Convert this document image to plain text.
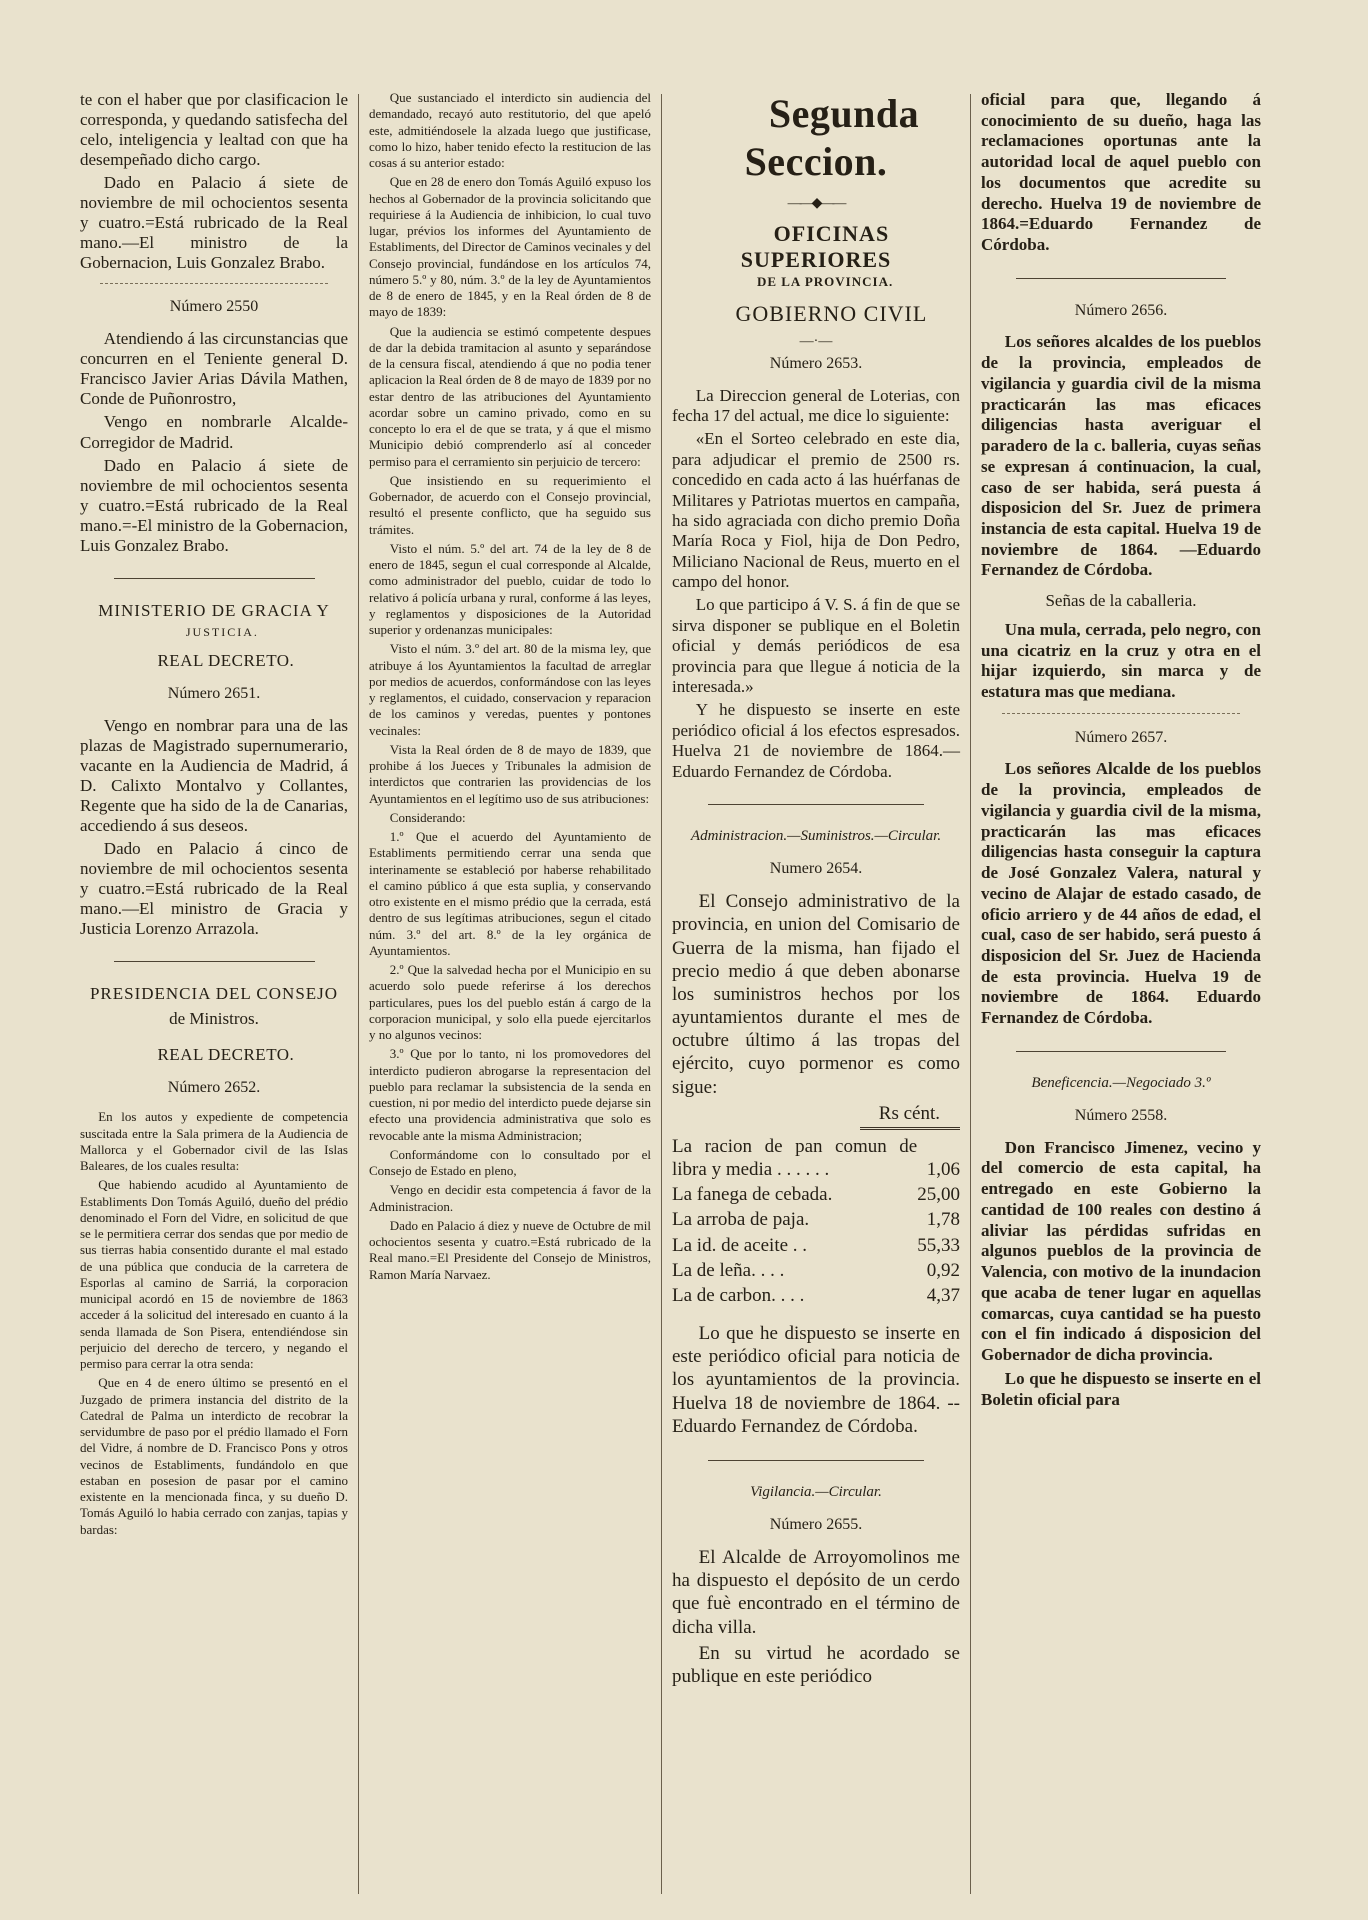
te con el haber que por clasificacion le corresponda, y quedando satisfecha del celo, inteligencia y lealtad con que ha desempeñado dicho cargo.

Dado en Palacio á siete de noviembre de mil ochocientos sesenta y cuatro.=Está rubricado de la Real mano.—El ministro de la Gobernacion, Luis Gonzalez Brabo.

Número 2550

Atendiendo á las circunstancias que concurren en el Teniente general D. Francisco Javier Arias Dávila Mathen, Conde de Puñonrostro,

Vengo en nombrarle Alcalde-Corregidor de Madrid.

Dado en Palacio á siete de noviembre de mil ochocientos sesenta y cuatro.=Está rubricado de la Real mano.=-El ministro de la Gobernacion, Luis Gonzalez Brabo.

MINISTERIO DE GRACIA Y

JUSTICIA.

REAL DECRETO.

Número 2651.

Vengo en nombrar para una de las plazas de Magistrado supernumerario, vacante en la Audiencia de Madrid, á D. Calixto Montalvo y Collantes, Regente que ha sido de la de Canarias, accediendo á sus deseos.

Dado en Palacio á cinco de noviembre de mil ochocientos sesenta y cuatro.=Está rubricado de la Real mano.—El ministro de Gracia y Justicia Lorenzo Arrazola.

PRESIDENCIA DEL CONSEJO

de Ministros.

REAL DECRETO.

Número 2652.

En los autos y expediente de competencia suscitada entre la Sala primera de la Audiencia de Mallorca y el Gobernador civil de las Islas Baleares, de los cuales resulta:

Que habiendo acudido al Ayuntamiento de Establiments Don Tomás Aguiló, dueño del prédio denominado el Forn del Vidre, en solicitud de que se le permitiera cerrar dos sendas que por medio de sus tierras habia consentido durante el mal estado de una pública que conducia de la carretera de Esporlas al camino de Sarriá, la corporacion municipal acordó en 15 de noviembre de 1863 acceder á la solicitud del interesado en cuanto á la senda llamada de Son Pisera, entendiéndose sin perjuicio del derecho de tercero, y negando el permiso para cerrar la otra senda:

Que en 4 de enero último se presentó en el Juzgado de primera instancia del distrito de la Catedral de Palma un interdicto de recobrar la servidumbre de paso por el prédio llamado el Forn del Vidre, á nombre de D. Francisco Pons y otros vecinos de Establiments, fundándolo en que estaban en posesion de pasar por el camino existente en la mencionada finca, y su dueño D. Tomás Aguiló lo habia cerrado con zanjas, tapias y bardas:

Que sustanciado el interdicto sin audiencia del demandado, recayó auto restitutorio, del que apeló este, admitiéndosele la alzada luego que justificase, como lo hizo, haber tenido efecto la restitucion de las cosas á su anterior estado:

Que en 28 de enero don Tomás Aguiló expuso los hechos al Gobernador de la provincia solicitando que requiriese á la Audiencia de inhibicion, lo cual tuvo lugar, prévios los informes del Ayuntamiento de Establiments, del Director de Caminos vecinales y del Consejo provincial, fundándose en los artículos 74, número 5.º y 80, núm. 3.º de la ley de Ayuntamientos de 8 de enero de 1845, y en la Real órden de 8 de mayo de 1839:

Que la audiencia se estimó competente despues de dar la debida tramitacion al asunto y separándose de la censura fiscal, atendiendo á que no podia tener aplicacion la Real órden de 8 de mayo de 1839 por no estar dentro de las atribuciones del Ayuntamiento acordar sobre un camino privado, como en su concepto lo era el de que se trata, y á que el mismo Municipio debió comprenderlo así al conceder permiso para el cerramiento sin perjuicio de tercero:

Que insistiendo en su requerimiento el Gobernador, de acuerdo con el Consejo provincial, resultó el presente conflicto, que ha seguido sus trámites.

Visto el núm. 5.º del art. 74 de la ley de 8 de enero de 1845, segun el cual corresponde al Alcalde, como administrador del pueblo, cuidar de todo lo relativo á policía urbana y rural, conforme á las leyes, y reglamentos y disposiciones de la Autoridad superior y ordenanzas municipales:

Visto el núm. 3.º del art. 80 de la misma ley, que atribuye á los Ayuntamientos la facultad de arreglar por medios de acuerdos, conformándose con las leyes y reglamentos, el cuidado, conservacion y reparacion de los caminos y veredas, puentes y pontones vecinales:

Vista la Real órden de 8 de mayo de 1839, que prohibe á los Jueces y Tribunales la admision de interdictos que contrarien las providencias de los Ayuntamientos en el legítimo uso de sus atribuciones:

Considerando:

1.º Que el acuerdo del Ayuntamiento de Establiments permitiendo cerrar una senda que interinamente se estableció por haberse rehabilitado el camino público á que esta suplia, y conservando otro existente en el mismo prédio que la cerrada, está dentro de sus legítimas atribuciones, segun el citado núm. 3.º del art. 8.º de la ley orgánica de Ayuntamientos.

2.º Que la salvedad hecha por el Municipio en su acuerdo solo puede referirse á los derechos particulares, pues los del pueblo están á cargo de la corporacion municipal, y solo ella puede ejercitarlos y no algunos vecinos:

3.º Que por lo tanto, ni los promovedores del interdicto pudieron abrogarse la representacion del pueblo para reclamar la subsistencia de la senda en cuestion, ni por medio del interdicto puede dejarse sin efecto una providencia administrativa que solo es revocable ante la misma Administracion;

Conformándome con lo consultado por el Consejo de Estado en pleno,

Vengo en decidir esta competencia á favor de la Administracion.

Dado en Palacio á diez y nueve de Octubre de mil ochocientos sesenta y cuatro.=Está rubricado de la Real mano.=El Presidente del Consejo de Ministros, Ramon María Narvaez.

Segunda Seccion.

——◆——

OFICINAS SUPERIORES

DE LA PROVINCIA.

GOBIERNO CIVIL

—·—

Número 2653.

La Direccion general de Loterias, con fecha 17 del actual, me dice lo siguiente:

«En el Sorteo celebrado en este dia, para adjudicar el premio de 2500 rs. concedido en cada acto á las huérfanas de Militares y Patriotas muertos en campaña, ha sido agraciada con dicho premio Doña María Roca y Fiol, hija de Don Pedro, Miliciano Nacional de Reus, muerto en el campo del honor.

Lo que participo á V. S. á fin de que se sirva disponer se publique en el Boletin oficial y demás periódicos de esa provincia para que llegue á noticia de la interesada.»

Y he dispuesto se inserte en este periódico oficial á los efectos espresados. Huelva 21 de noviembre de 1864.—Eduardo Fernandez de Córdoba.

Administracion.—Suministros.—Circular.

Numero 2654.

El Consejo administrativo de la provincia, en union del Comisario de Guerra de la misma, han fijado el precio medio á que deben abonarse los suministros hechos por los ayuntamientos durante el mes de octubre último á las tropas del ejército, cuyo pormenor es como sigue:

Rs cént.
La racion de pan comun de libra y media . . . . . .	1,06
La fanega de cebada.	25,00
La arroba de paja.	1,78
La id. de aceite . .	55,33
La de leña. . . .	0,92
La de carbon. . . .	4,37

Lo que he dispuesto se inserte en este periódico oficial para noticia de los ayuntamientos de la provincia. Huelva 18 de noviembre de 1864. --Eduardo Fernandez de Córdoba.

Vigilancia.—Circular.

Número 2655.

El Alcalde de Arroyomolinos me ha dispuesto el depósito de un cerdo que fuè encontrado en el término de dicha villa.

En su virtud he acordado se publique en este periódico

oficial para que, llegando á conocimiento de su dueño, haga las reclamaciones oportunas ante la autoridad local de aquel pueblo con los documentos que acredite su derecho. Huelva 19 de noviembre de 1864.=Eduardo Fernandez de Córdoba.

Número 2656.

Los señores alcaldes de los pueblos de la provincia, empleados de vigilancia y guardia civil de la misma practicarán las mas eficaces diligencias hasta averiguar el paradero de la c. balleria, cuyas señas se expresan á continuacion, la cual, caso de ser habida, será puesta á disposicion del Sr. Juez de primera instancia de esta capital. Huelva 19 de noviembre de 1864. —Eduardo Fernandez de Córdoba.

Señas de la caballeria.

Una mula, cerrada, pelo negro, con una cicatriz en la cruz y otra en el hijar izquierdo, sin marca y de estatura mas que mediana.

Número 2657.

Los señores Alcalde de los pueblos de la provincia, empleados de vigilancia y guardia civil de la misma, practicarán las mas eficaces diligencias hasta conseguir la captura de José Gonzalez Valera, natural y vecino de Alajar de estado casado, de oficio arriero y de 44 años de edad, el cual, caso de ser habido, será puesto á disposicion del Sr. Juez de Hacienda de esta provincia. Huelva 19 de noviembre de 1864. Eduardo Fernandez de Córdoba.

Beneficencia.—Negociado 3.º

Número 2558.

Don Francisco Jimenez, vecino y del comercio de esta capital, ha entregado en este Gobierno la cantidad de 100 reales con destino á aliviar las pérdidas sufridas en algunos pueblos de la provincia de Valencia, con motivo de la inundacion que acaba de tener lugar en aquellas comarcas, cuya cantidad se ha puesto con el fin indicado á disposicion del Gobernador de dicha provincia.

Lo que he dispuesto se inserte en el Boletin oficial para
